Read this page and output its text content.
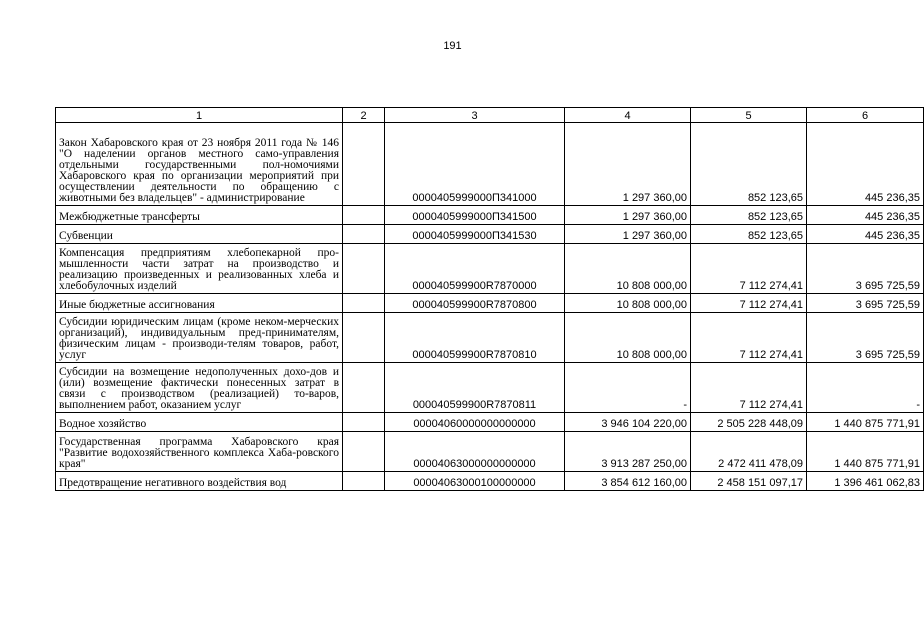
191
1	2	3	4	5	6
Закон Хабаровского края от 23 ноября 2011 года № 146 "О наделении органов местного само-управления отдельными государственными пол-номочиями Хабаровского края по организации мероприятий при осуществлении деятельности по обращению с животными без владельцев" - администрирование		0000405999000П341000	1 297 360,00	852 123,65	445 236,35
Межбюджетные трансферты		0000405999000П341500	1 297 360,00	852 123,65	445 236,35
Субвенции		0000405999000П341530	1 297 360,00	852 123,65	445 236,35
Компенсация предприятиям хлебопекарной про-мышленности части затрат на производство и реализацию произведенных и реализованных хлеба и хлебобулочных изделий		000040599900R7870000	10 808 000,00	7 112 274,41	3 695 725,59
Иные бюджетные ассигнования		000040599900R7870800	10 808 000,00	7 112 274,41	3 695 725,59
Субсидии юридическим лицам (кроме неком-мерческих организаций), индивидуальным пред-принимателям, физическим лицам - производи-телям товаров, работ, услуг		000040599900R7870810	10 808 000,00	7 112 274,41	3 695 725,59
Субсидии на возмещение недополученных дохо-дов и (или) возмещение фактически понесенных затрат в связи с производством (реализацией) то-варов, выполнением работ, оказанием услуг		000040599900R7870811	-	7 112 274,41	-
Водное хозяйство		00004060000000000000	3 946 104 220,00	2 505 228 448,09	1 440 875 771,91
Государственная программа Хабаровского края "Развитие водохозяйственного комплекса Хаба-ровского края"		00004063000000000000	3 913 287 250,00	2 472 411 478,09	1 440 875 771,91
Предотвращение негативного воздействия вод		00004063000100000000	3 854 612 160,00	2 458 151 097,17	1 396 461 062,83
